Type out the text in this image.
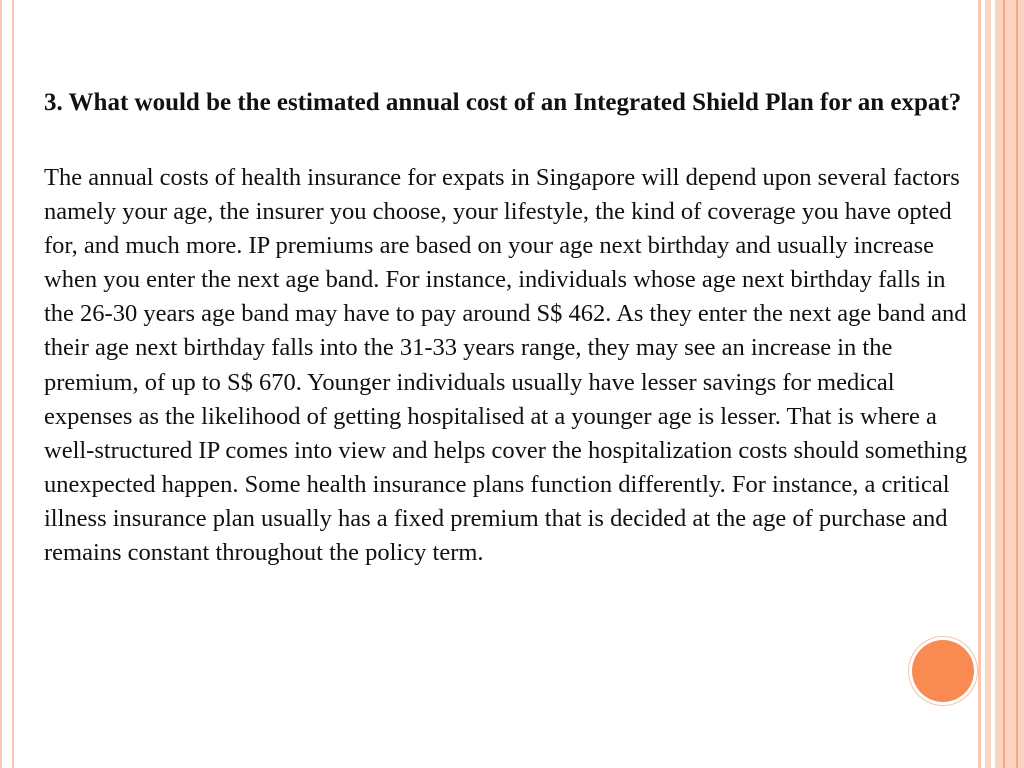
3. What would be the estimated annual cost of an Integrated Shield Plan for an expat?

The annual costs of health insurance for expats in Singapore will depend upon several factors namely your age, the insurer you choose, your lifestyle, the kind of coverage you have opted for, and much more. IP premiums are based on your age next birthday and usually increase when you enter the next age band. For instance, individuals whose age next birthday falls in the 26-30 years age band may have to pay around S$ 462. As they enter the next age band and their age next birthday falls into the 31-33 years range, they may see an increase in the premium, of up to S$ 670. Younger individuals usually have lesser savings for medical expenses as the likelihood of getting hospitalised at a younger age is lesser. That is where a well-structured IP comes into view and helps cover the hospitalization costs should something unexpected happen. Some health insurance plans function differently. For instance, a critical illness insurance plan usually has a fixed premium that is decided at the age of purchase and remains constant throughout the policy term.
